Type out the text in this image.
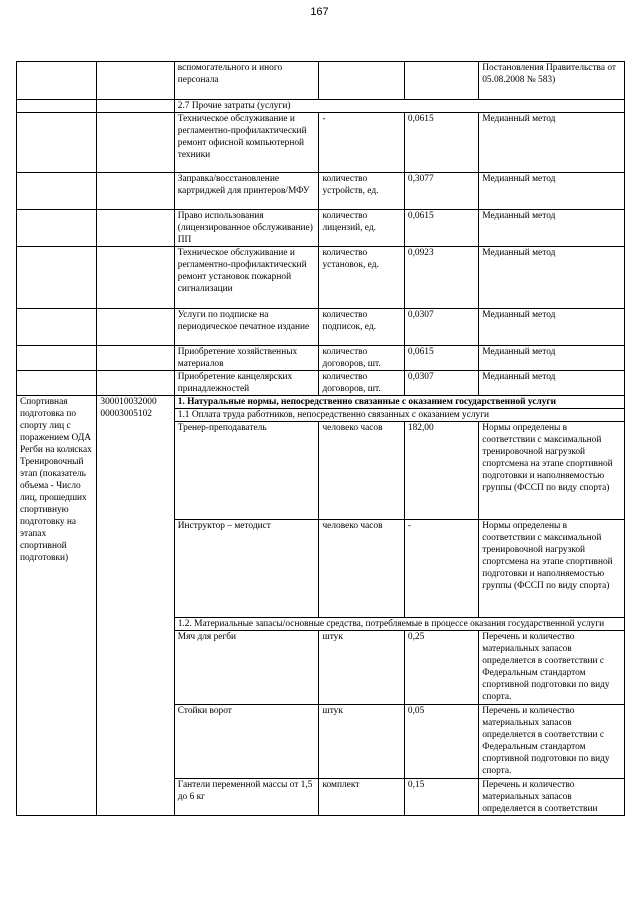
167
		вспомогательного и иного персонала			Постановления Правительства от 05.08.2008 № 583)
		2.7 Прочие затраты (услуги)			
		Техническое обслуживание и регламентно-профилактический ремонт офисной компьютерной техники	-	0,0615	Медианный метод
		Заправка/восстановление картриджей для принтеров/МФУ	количество устройств, ед.	0,3077	Медианный метод
		Право использования (лицензированное обслуживание) ПП	количество лицензий, ед.	0,0615	Медианный метод
		Техническое обслуживание и регламентно-профилактический ремонт установок пожарной сигнализации	количество установок, ед.	0,0923	Медианный метод
		Услуги по подписке на периодическое печатное издание	количество подписок, ед.	0,0307	Медианный метод
		Приобретение хозяйственных материалов	количество договоров, шт.	0,0615	Медианный метод
		Приобретение канцелярских принадлежностей	количество договоров, шт.	0,0307	Медианный метод
Спортивная подготовка по спорту лиц с поражением ОДА Регби на колясках Тренировочный этап (показатель объема - Число лиц, прошедших спортивную подготовку на этапах спортивной подготовки)	300010032000 00003005102	1. Натуральные нормы, непосредственно связанные с оказанием государственной услуги			
		1.1 Оплата труда работников, непосредственно связанных с оказанием услуги			
		Тренер-преподаватель	человеко часов	182,00	Нормы определены в соответствии с максимальной тренировочной нагрузкой спортсмена на этапе спортивной подготовки и наполняемостью группы (ФССП по виду спорта)
		Инструктор – методист	человеко часов	-	Нормы определены в соответствии с максимальной тренировочной нагрузкой спортсмена на этапе спортивной подготовки и наполняемостью группы (ФССП по виду спорта)
		1.2. Материальные запасы/основные средства, потребляемые в процессе оказания государственной услуги			
		Мяч для регби	штук	0,25	Перечень и количество материальных запасов определяется в соответствии с Федеральным стандартом спортивной подготовки по виду спорта.
		Стойки ворот	штук	0,05	Перечень и количество материальных запасов определяется в соответствии с Федеральным стандартом спортивной подготовки по виду спорта.
		Гантели переменной массы от 1,5 до 6 кг	комплект	0,15	Перечень и количество материальных запасов определяется в соответствии
